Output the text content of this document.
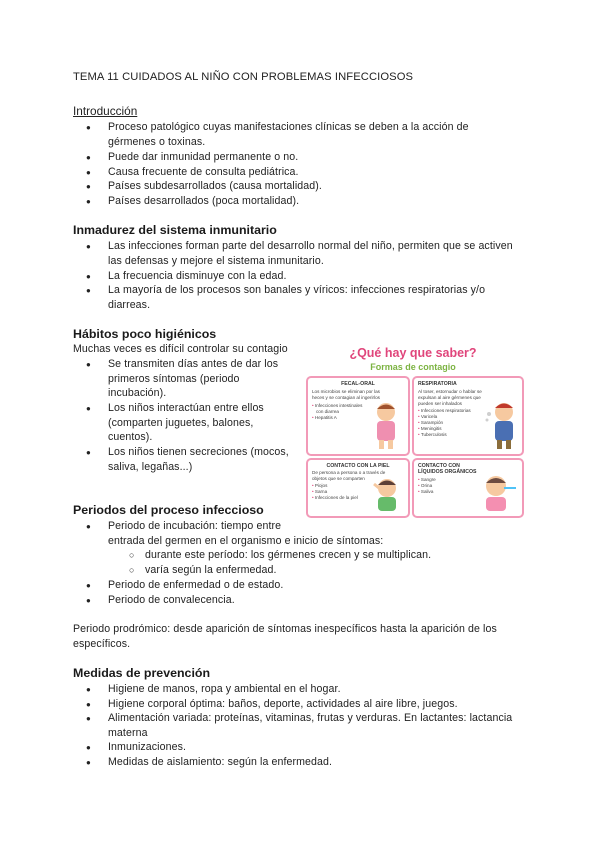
TEMA 11 CUIDADOS AL NIÑO CON PROBLEMAS INFECCIOSOS
Introducción
● Proceso patológico cuyas manifestaciones clínicas se deben a la acción de
gérmenes o toxinas.
● Puede dar inmunidad permanente o no.
● Causa frecuente de consulta pediátrica.
● Países subdesarrollados (causa mortalidad).
● Países desarrollados (poca mortalidad).
Inmadurez del sistema inmunitario
● Las infecciones forman parte del desarrollo normal del niño, permiten que se activen
las defensas y mejore el sistema inmunitario.
● La frecuencia disminuye con la edad.
● La mayoría de los procesos son banales y víricos: infecciones respiratorias y/o
diarreas.
Hábitos poco higiénicos
Muchas veces es difícil controlar su contagio
● Se transmiten días antes de dar los
primeros síntomas (periodo
incubación).
● Los niños interactúan entre ellos
(comparten juguetes, balones,
cuentos).
● Los niños tienen secreciones (mocos,
saliva, legañas...)
¿Qué hay que saber?
Formas de contagio
FECAL-ORAL
Los microbios se eliminan por las
heces y se contagian al ingerirlos
• Infecciones intestinales
con diarrea
• Hepatitis A
RESPIRATORIA
Al toser, estornudar o hablar se
expulsan al aire gérmenes que
pueden ser inhalados
• Infecciones respiratorias
• Varicela
• Sarampión
• Meningitis
• Tuberculosis
CONTACTO CON LA PIEL
De persona a persona o a través de
objetos que se comparten
• Piojos
• Sarna
• Infecciones de la piel
CONTACTO CON LÍQUIDOS ORGÁNICOS
• Sangre
• Orina
• Saliva
Periodos del proceso infeccioso
● Periodo de incubación: tiempo entre
entrada del germen en el organismo e inicio de síntomas:
○ durante este período: los gérmenes crecen y se multiplican.
○ varía según la enfermedad.
● Periodo de enfermedad o de estado.
● Periodo de convalecencia.
Periodo prodrómico: desde aparición de síntomas inespecíficos hasta la aparición de los
específicos.
Medidas de prevención
● Higiene de manos, ropa y ambiental en el hogar.
● Higiene corporal óptima: baños, deporte, actividades al aire libre, juegos.
● Alimentación variada: proteínas, vitaminas, frutas y verduras. En lactantes: lactancia
materna
● Inmunizaciones.
● Medidas de aislamiento: según la enfermedad.
